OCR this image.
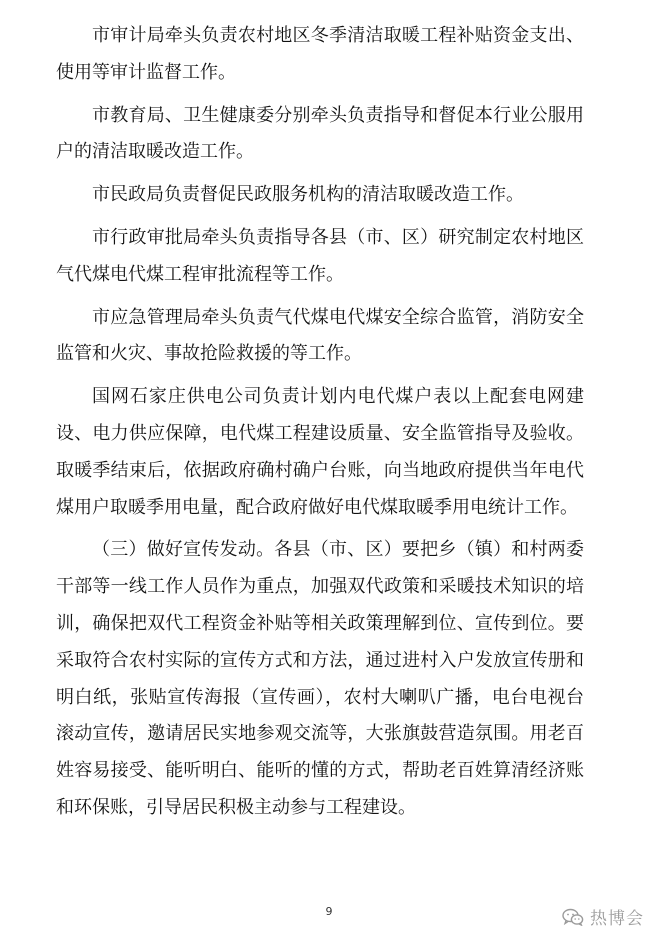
市审计局牵头负责农村地区冬季清洁取暖工程补贴资金支出、使用等审计监督工作。

市教育局、卫生健康委分别牵头负责指导和督促本行业公服用户的清洁取暖改造工作。

市民政局负责督促民政服务机构的清洁取暖改造工作。

市行政审批局牵头负责指导各县（市、区）研究制定农村地区气代煤电代煤工程审批流程等工作。

市应急管理局牵头负责气代煤电代煤安全综合监管，消防安全监管和火灾、事故抢险救援的等工作。

国网石家庄供电公司负责计划内电代煤户表以上配套电网建设、电力供应保障，电代煤工程建设质量、安全监管指导及验收。取暖季结束后，依据政府确村确户台账，向当地政府提供当年电代煤用户取暖季用电量，配合政府做好电代煤取暖季用电统计工作。

（三）做好宣传发动。各县（市、区）要把乡（镇）和村两委干部等一线工作人员作为重点，加强双代政策和采暖技术知识的培训，确保把双代工程资金补贴等相关政策理解到位、宣传到位。要采取符合农村实际的宣传方式和方法，通过进村入户发放宣传册和明白纸，张贴宣传海报（宣传画），农村大喇叭广播，电台电视台滚动宣传，邀请居民实地参观交流等，大张旗鼓营造氛围。用老百姓容易接受、能听明白、能听的懂的方式，帮助老百姓算清经济账和环保账，引导居民积极主动参与工程建设。

9	热博会
